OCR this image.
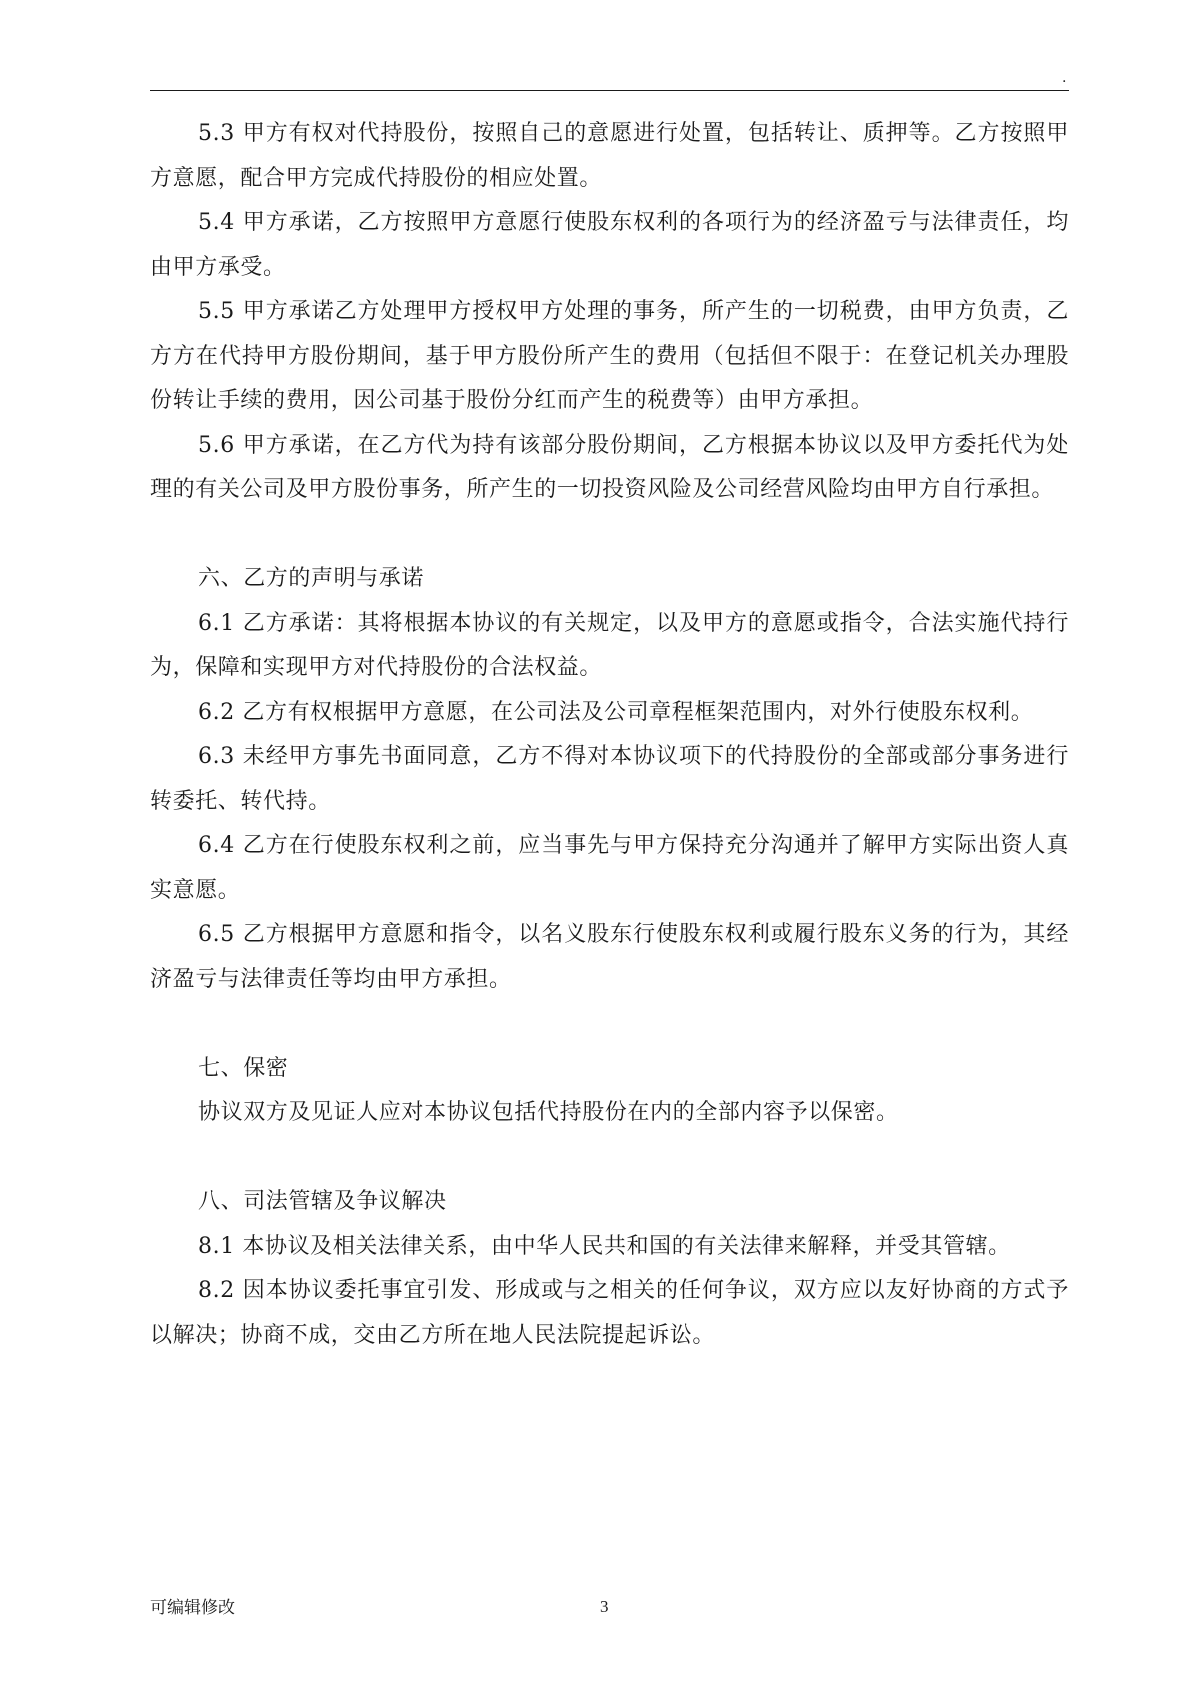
.

5.3 甲方有权对代持股份，按照自己的意愿进行处置，包括转让、质押等。乙方按照甲方意愿，配合甲方完成代持股份的相应处置。

5.4 甲方承诺，乙方按照甲方意愿行使股东权利的各项行为的经济盈亏与法律责任，均由甲方承受。

5.5 甲方承诺乙方处理甲方授权甲方处理的事务，所产生的一切税费，由甲方负责，乙方方在代持甲方股份期间，基于甲方股份所产生的费用（包括但不限于：在登记机关办理股份转让手续的费用，因公司基于股份分红而产生的税费等）由甲方承担。

5.6 甲方承诺，在乙方代为持有该部分股份期间，乙方根据本协议以及甲方委托代为处理的有关公司及甲方股份事务，所产生的一切投资风险及公司经营风险均由甲方自行承担。

六、乙方的声明与承诺

6.1 乙方承诺：其将根据本协议的有关规定，以及甲方的意愿或指令，合法实施代持行为，保障和实现甲方对代持股份的合法权益。

6.2 乙方有权根据甲方意愿，在公司法及公司章程框架范围内，对外行使股东权利。

6.3 未经甲方事先书面同意，乙方不得对本协议项下的代持股份的全部或部分事务进行转委托、转代持。

6.4 乙方在行使股东权利之前，应当事先与甲方保持充分沟通并了解甲方实际出资人真实意愿。

6.5 乙方根据甲方意愿和指令，以名义股东行使股东权利或履行股东义务的行为，其经济盈亏与法律责任等均由甲方承担。

七、保密

协议双方及见证人应对本协议包括代持股份在内的全部内容予以保密。

八、司法管辖及争议解决

8.1 本协议及相关法律关系，由中华人民共和国的有关法律来解释，并受其管辖。

8.2 因本协议委托事宜引发、形成或与之相关的任何争议，双方应以友好协商的方式予以解决；协商不成，交由乙方所在地人民法院提起诉讼。

可编辑修改	3
